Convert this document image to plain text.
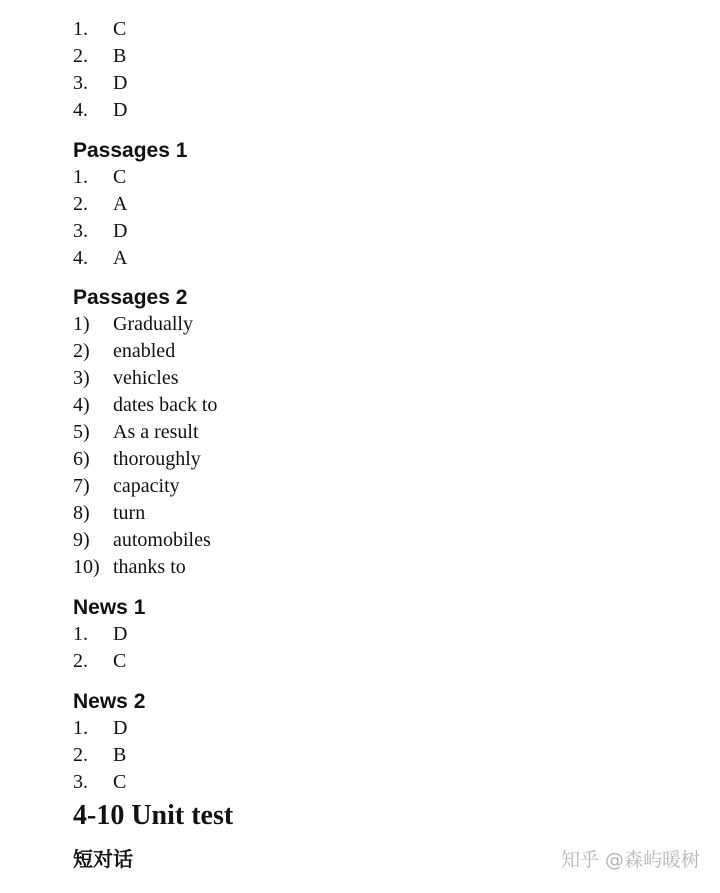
1. C
2. B
3. D
4. D
Passages 1
1. C
2. A
3. D
4. A
Passages 2
1) Gradually
2) enabled
3) vehicles
4) dates back to
5) As a result
6) thoroughly
7) capacity
8) turn
9) automobiles
10) thanks to
News 1
1. D
2. C
News 2
1. D
2. B
3. C
4-10 Unit test
短对话	知乎 @森屿暖树
